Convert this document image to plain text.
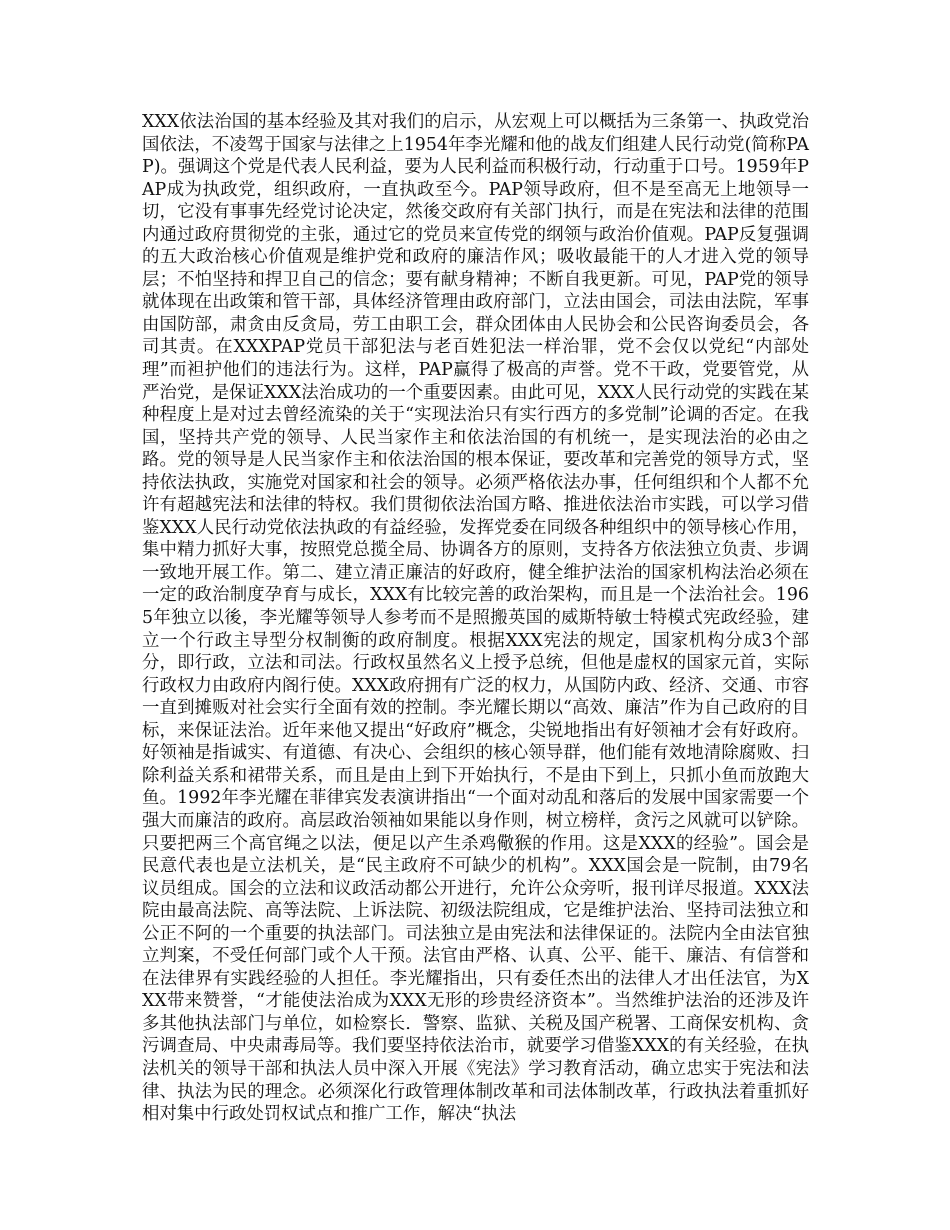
XXX依法治国的基本经验及其对我们的启示，从宏观上可以概括为三条第一、执政党治国依法，不凌驾于国家与法律之上1954年李光耀和他的战友们组建人民行动党(简称PAP)。强调这个党是代表人民利益，要为人民利益而积极行动，行动重于口号。1959年PAP成为执政党，组织政府，一直执政至今。PAP领导政府，但不是至高无上地领导一切，它没有事事先经党讨论决定，然後交政府有关部门执行，而是在宪法和法律的范围内通过政府贯彻党的主张，通过它的党员来宣传党的纲领与政治价值观。PAP反复强调的五大政治核心价值观是维护党和政府的廉洁作风；吸收最能干的人才进入党的领导层；不怕坚持和捍卫自己的信念；要有献身精神；不断自我更新。可见，PAP党的领导就体现在出政策和管干部，具体经济管理由政府部门，立法由国会，司法由法院，军事由国防部，肃贪由反贪局，劳工由职工会，群众团体由人民协会和公民咨询委员会，各司其责。在XXXPAP党员干部犯法与老百姓犯法一样治罪，党不会仅以党纪“内部处理”而袒护他们的违法行为。这样，PAP赢得了极高的声誉。党不干政，党要管党，从严治党，是保证XXX法治成功的一个重要因素。由此可见，XXX人民行动党的实践在某种程度上是对过去曾经流染的关于“实现法治只有实行西方的多党制”论调的否定。在我国，坚持共产党的领导、人民当家作主和依法治国的有机统一，是实现法治的必由之路。党的领导是人民当家作主和依法治国的根本保证，要改革和完善党的领导方式，坚持依法执政，实施党对国家和社会的领导。必须严格依法办事，任何组织和个人都不允许有超越宪法和法律的特权。我们贯彻依法治国方略、推进依法治市实践，可以学习借鉴XXX人民行动党依法执政的有益经验，发挥党委在同级各种组织中的领导核心作用，集中精力抓好大事，按照党总揽全局、协调各方的原则，支持各方依法独立负责、步调一致地开展工作。第二、建立清正廉洁的好政府，健全维护法治的国家机构法治必须在一定的政治制度孕育与成长，XXX有比较完善的政治架构，而且是一个法治社会。1965年独立以後，李光耀等领导人参考而不是照搬英国的威斯特敏士特模式宪政经验，建立一个行政主导型分权制衡的政府制度。根据XXX宪法的规定，国家机构分成3个部分，即行政，立法和司法。行政权虽然名义上授予总统，但他是虚权的国家元首，实际行政权力由政府内阁行使。XXX政府拥有广泛的权力，从国防内政、经济、交通、市容一直到摊贩对社会实行全面有效的控制。李光耀长期以“高效、廉洁”作为自己政府的目标，来保证法治。近年来他又提出“好政府”概念，尖锐地指出有好领袖才会有好政府。好领袖是指诚实、有道德、有决心、会组织的核心领导群，他们能有效地清除腐败、扫除利益关系和裙带关系，而且是由上到下开始执行，不是由下到上，只抓小鱼而放跑大鱼。1992年李光耀在菲律宾发表演讲指出“一个面对动乱和落后的发展中国家需要一个强大而廉洁的政府。高层政治领袖如果能以身作则，树立榜样，贪污之风就可以铲除。只要把两三个高官绳之以法，便足以产生杀鸡儆猴的作用。这是XXX的经验”。国会是民意代表也是立法机关，是“民主政府不可缺少的机构”。XXX国会是一院制，由79名议员组成。国会的立法和议政活动都公开进行，允许公众旁听，报刊详尽报道。XXX法院由最高法院、高等法院、上诉法院、初级法院组成，它是维护法治、坚持司法独立和公正不阿的一个重要的执法部门。司法独立是由宪法和法律保证的。法院内全由法官独立判案，不受任何部门或个人干预。法官由严格、认真、公平、能干、廉洁、有信誉和在法律界有实践经验的人担任。李光耀指出，只有委任杰出的法律人才出任法官，为XXX带来赞誉，“才能使法治成为XXX无形的珍贵经济资本”。当然维护法治的还涉及许多其他执法部门与单位，如检察长．警察、监狱、关税及国产税署、工商保安机构、贪污调查局、中央肃毒局等。我们要坚持依法治市，就要学习借鉴XXX的有关经验，在执法机关的领导干部和执法人员中深入开展《宪法》学习教育活动，确立忠实于宪法和法律、执法为民的理念。必须深化行政管理体制改革和司法体制改革，行政执法着重抓好相对集中行政处罚权试点和推广工作，解决“执法
